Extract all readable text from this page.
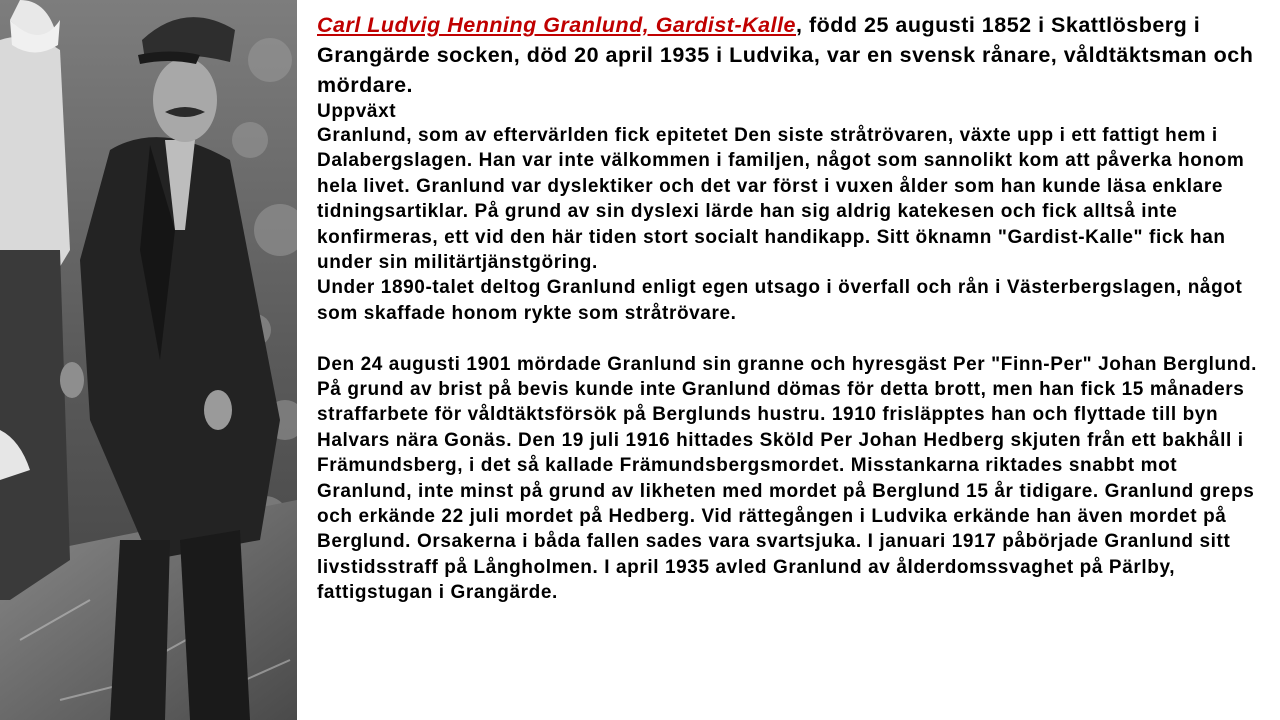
Carl Ludvig Henning Granlund, Gardist-Kalle, född 25 augusti 1852 i Skattlösberg i Grangärde socken, död 20 april 1935 i Ludvika, var en svensk rånare, våldtäktsman och mördare.

Uppväxt

Granlund, som av eftervärlden fick epitetet Den siste stråtrövaren, växte upp i ett fattigt hem i Dalabergslagen. Han var inte välkommen i familjen, något som sannolikt kom att påverka honom hela livet. Granlund var dyslektiker och det var först i vuxen ålder som han kunde läsa enklare tidningsartiklar. På grund av sin dyslexi lärde han sig aldrig katekesen och fick alltså inte konfirmeras, ett vid den här tiden stort socialt handikapp. Sitt öknamn "Gardist-Kalle" fick han under sin militärtjänstgöring.

Under 1890-talet deltog Granlund enligt egen utsago i överfall och rån i Västerbergslagen, något som skaffade honom rykte som stråtrövare.

Den 24 augusti 1901 mördade Granlund sin granne och hyresgäst Per "Finn-Per" Johan Berglund. På grund av brist på bevis kunde inte Granlund dömas för detta brott, men han fick 15 månaders straffarbete för våldtäktsförsök på Berglunds hustru. 1910 frisläpptes han och flyttade till byn Halvars nära Gonäs. Den 19 juli 1916 hittades Sköld Per Johan Hedberg skjuten från ett bakhåll i Främundsberg, i det så kallade Främundsbergsmordet. Misstankarna riktades snabbt mot Granlund, inte minst på grund av likheten med mordet på Berglund 15 år tidigare. Granlund greps och erkände 22 juli mordet på Hedberg. Vid rättegången i Ludvika erkände han även mordet på Berglund. Orsakerna i båda fallen sades vara svartsjuka. I januari 1917 påbörjade Granlund sitt livstidsstraff på Långholmen. I april 1935 avled Granlund av ålderdomssvaghet på Pärlby, fattigstugan i Grangärde.
